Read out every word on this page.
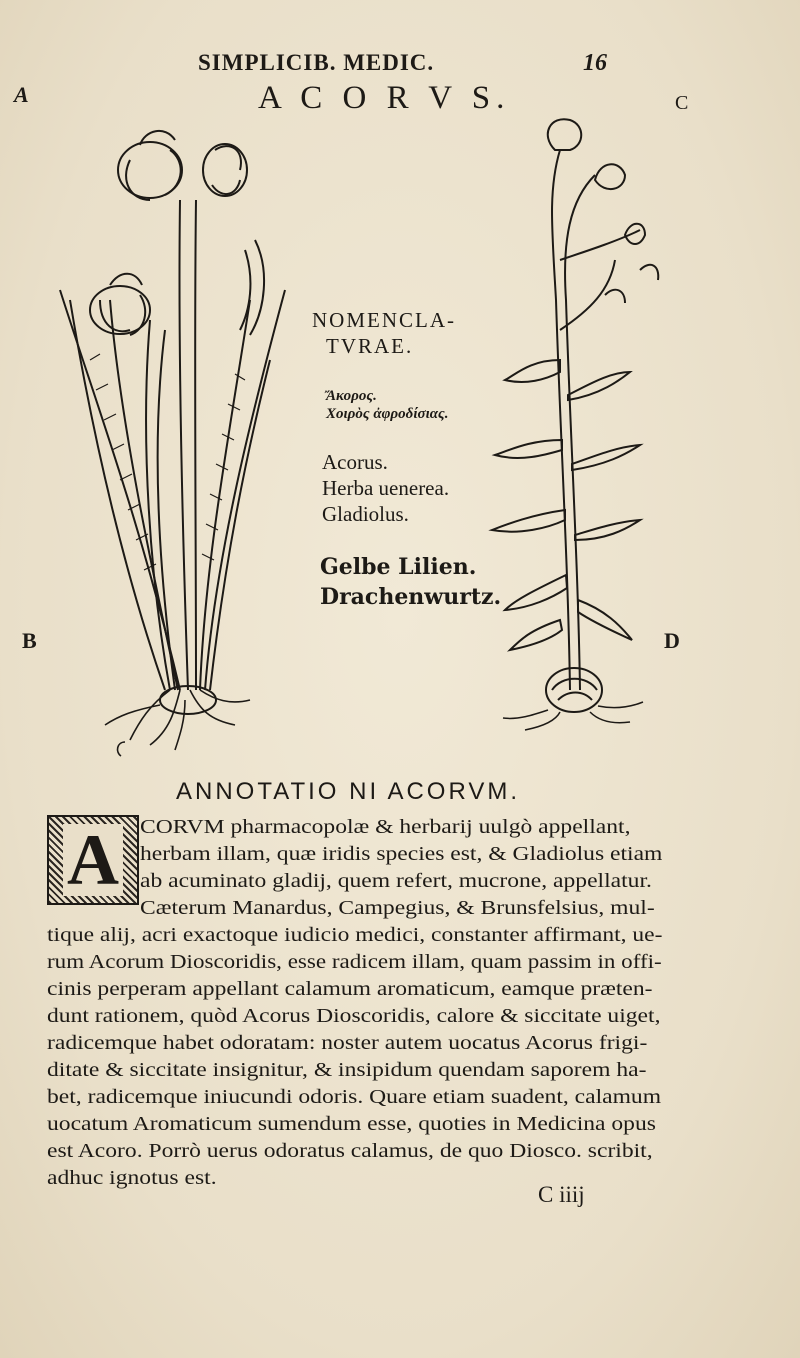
SIMPLICIB. MEDIC.	16
A C O R V S.
A	C
B	D
NOMENCLA-
TVRAE.
Ἄκορος.
Χοιρὸς ἀφροδίσιας.
Acorus.
Herba uenerea.
Gladiolus.
Gelbe Lilien.
Drachenwurtz.
ANNOTATIO NI ACORVM.
A CORVM pharmacopolæ & herbarij uulgò appellant,
herbam illam, quæ iridis species est, & Gladiolus etiam
ab acuminato gladij, quem refert, mucrone, appellatur.
Cæterum Manardus, Campegius, & Brunsfelsius, mul-
tique alij, acri exactoque iudicio medici, constanter affirmant, ue-
rum Acorum Dioscoridis, esse radicem illam, quam passim in offi-
cinis perperam appellant calamum aromaticum, eamque præten-
dunt rationem, quòd Acorus Dioscoridis, calore & siccitate uiget,
radicemque habet odoratam: noster autem uocatus Acorus frigi-
ditate & siccitate insignitur, & insipidum quendam saporem ha-
bet, radicemque iniucundi odoris. Quare etiam suadent, calamum
uocatum Aromaticum sumendum esse, quoties in Medicina opus
est Acoro. Porrò uerus odoratus calamus, de quo Diosco. scribit,
adhuc ignotus est.
C iiij
